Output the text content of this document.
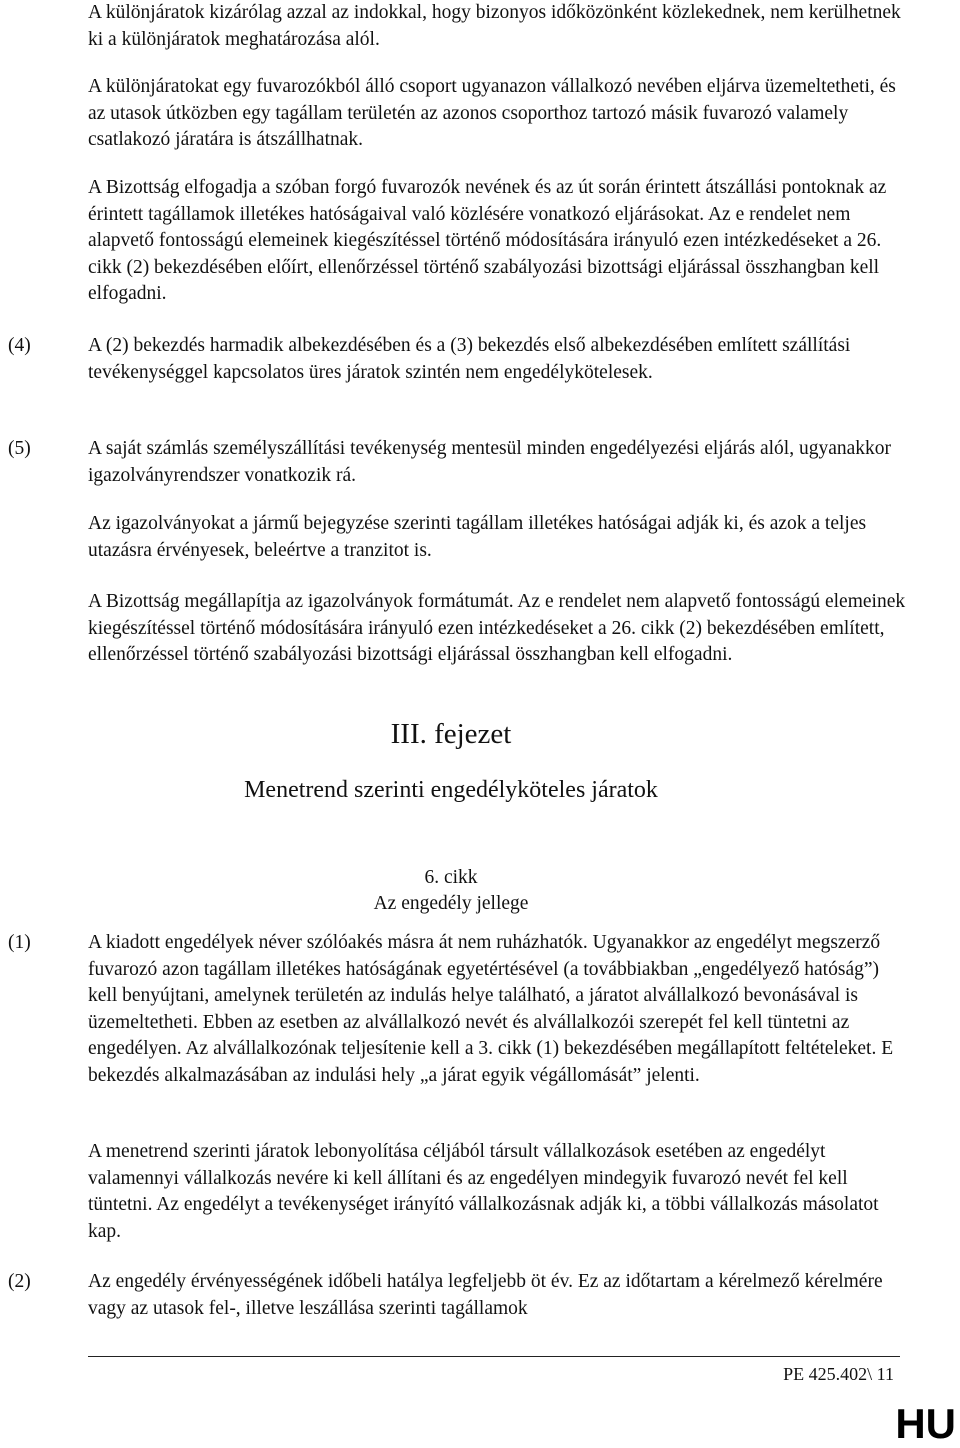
A különjáratok kizárólag azzal az indokkal, hogy bizonyos időközönként közlekednek, nem kerülhetnek ki a különjáratok meghatározása alól.

A különjáratokat egy fuvarozókból álló csoport ugyanazon vállalkozó nevében eljárva üzemeltetheti, és az utasok útközben egy tagállam területén az azonos csoporthoz tartozó másik fuvarozó valamely csatlakozó járatára is átszállhatnak.

A Bizottság elfogadja a szóban forgó fuvarozók nevének és az út során érintett átszállási pontoknak az érintett tagállamok illetékes hatóságaival való közlésére vonatkozó eljárásokat. Az e rendelet nem alapvető fontosságú elemeinek kiegészítéssel történő módosítására irányuló ezen intézkedéseket a 26. cikk (2) bekezdésében előírt, ellenőrzéssel történő szabályozási bizottsági eljárással összhangban kell elfogadni.

(4)	A (2) bekezdés harmadik albekezdésében és a (3) bekezdés első albekezdésében említett szállítási tevékenységgel kapcsolatos üres járatok szintén nem engedélykötelesek.

(5)	A saját számlás személyszállítási tevékenység mentesül minden engedélyezési eljárás alól, ugyanakkor igazolványrendszer vonatkozik rá.

Az igazolványokat a jármű bejegyzése szerinti tagállam illetékes hatóságai adják ki, és azok a teljes utazásra érvényesek, beleértve a tranzitot is.

A Bizottság megállapítja az igazolványok formátumát. Az e rendelet nem alapvető fontosságú elemeinek kiegészítéssel történő módosítására irányuló ezen intézkedéseket a 26. cikk (2) bekezdésében említett, ellenőrzéssel történő szabályozási bizottsági eljárással összhangban kell elfogadni.

III. fejezet
Menetrend szerinti engedélyköteles járatok
6. cikk
Az engedély jellege
(1)	A kiadott engedélyek néver szólóakés másra át nem ruházhatók. Ugyanakkor az engedélyt megszerző fuvarozó azon tagállam illetékes hatóságának egyetértésével (a továbbiakban „engedélyező hatóság”) kell benyújtani, amelynek területén az indulás helye található, a járatot alvállalkozó bevonásával is üzemeltetheti. Ebben az esetben az alvállalkozó nevét és alvállalkozói szerepét fel kell tüntetni az engedélyen. Az alvállalkozónak teljesítenie kell a 3. cikk (1) bekezdésében megállapított feltételeket. E bekezdés alkalmazásában az indulási hely „a járat egyik végállomását” jelenti.

A menetrend szerinti járatok lebonyolítása céljából társult vállalkozások esetében az engedélyt valamennyi vállalkozás nevére ki kell állítani és az engedélyen mindegyik fuvarozó nevét fel kell tüntetni. Az engedélyt a tevékenységet irányító vállalkozásnak adják ki, a többi vállalkozás másolatot kap.

(2)	Az engedély érvényességének időbeli hatálya legfeljebb öt év. Ez az időtartam a kérelmező kérelmére vagy az utasok fel-, illetve leszállása szerinti tagállamok

PE 425.402\ 11
HU
